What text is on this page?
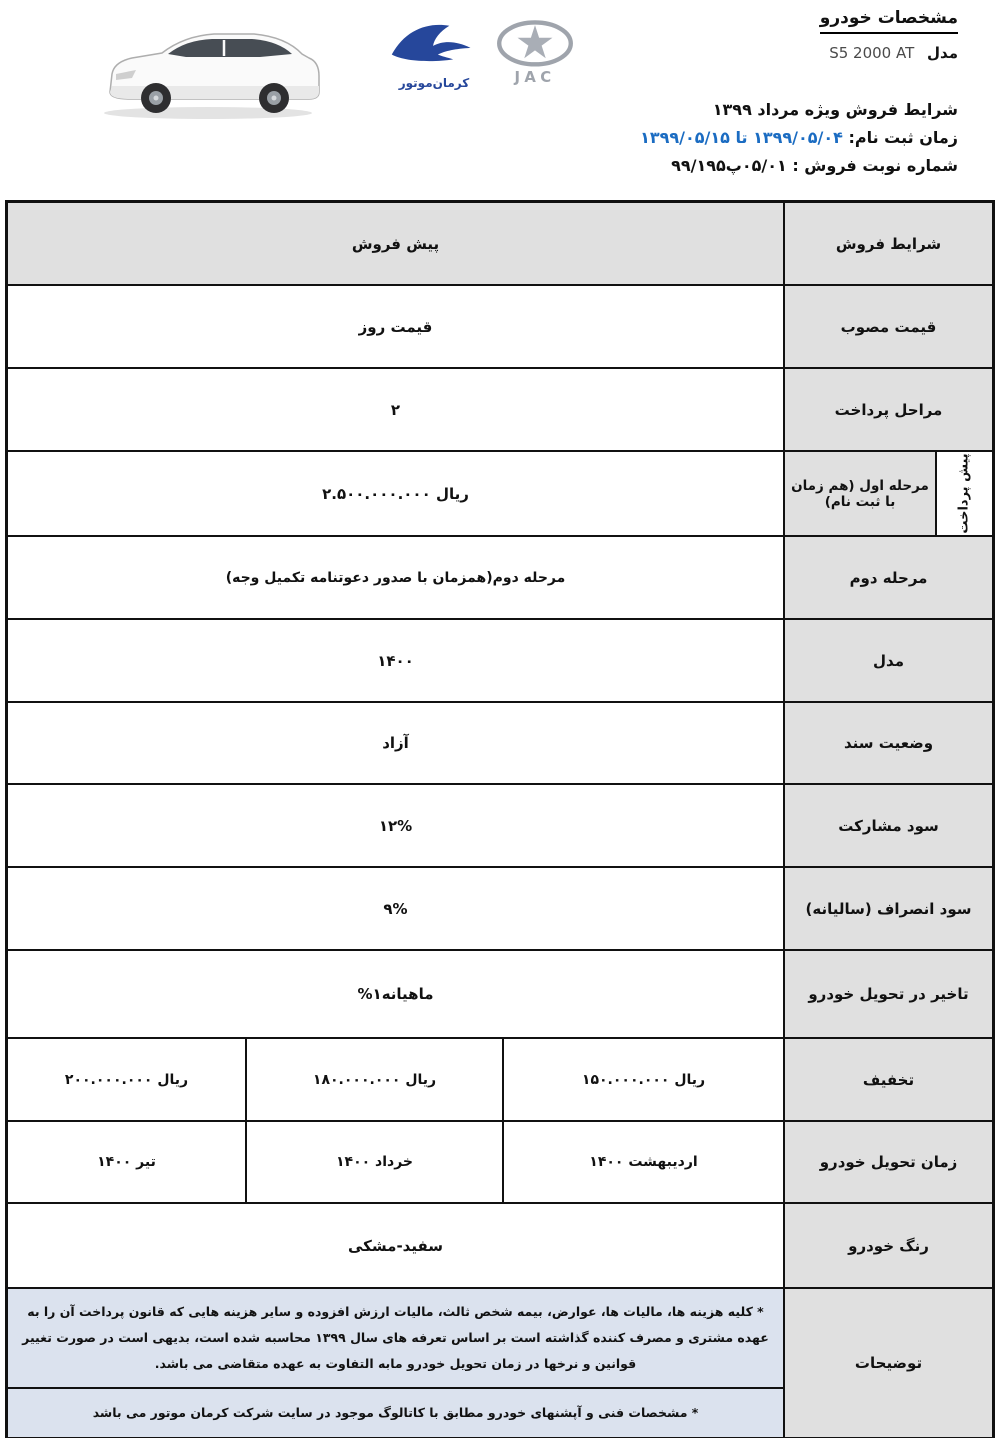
مشخصات خودرو
مدل S5 2000 AT
کرمان‌موتور	JAC
شرایط فروش ویژه مرداد ۱۳۹۹
زمان ثبت نام: ۱۳۹۹/۰۵/۰۴ تا ۱۳۹۹/۰۵/۱۵
شماره نوبت فروش : ۰۵/۰۱پ۹۹/۱۹۵
شرایط فروش
پیش فروش
قیمت مصوب
قیمت روز
مراحل پرداخت
۲
پیش پرداخت
مرحله اول (هم زمان با ثبت نام)
۲.۵۰۰.۰۰۰.۰۰۰ ریال
مرحله دوم
مرحله دوم(همزمان با صدور دعوتنامه تکمیل وجه)
مدل
۱۴۰۰
وضعیت سند
آزاد
سود مشارکت
۱۲%
سود انصراف (سالیانه)
۹%
تاخیر در تحویل خودرو
%۱ماهیانه
تخفیف
۱۵۰.۰۰۰.۰۰۰ ریال
۱۸۰.۰۰۰.۰۰۰ ریال
۲۰۰.۰۰۰.۰۰۰ ریال
زمان تحویل خودرو
اردیبهشت ۱۴۰۰
خرداد ۱۴۰۰
تیر ۱۴۰۰
رنگ خودرو
سفید-مشکی
توضیحات
* کلیه هزینه ها، مالیات ها، عوارض، بیمه شخص ثالث، مالیات ارزش افزوده و سایر هزینه هایی که قانون پرداخت آن را به عهده مشتری و مصرف کننده گذاشته است بر اساس تعرفه های سال ۱۳۹۹ محاسبه شده است، بدیهی است در صورت تغییر قوانین و نرخها در زمان تحویل خودرو مابه التفاوت به عهده متقاضی می باشد.
* مشخصات فنی و آپشنهای خودرو مطابق با کاتالوگ موجود در سایت شرکت کرمان موتور می باشد
